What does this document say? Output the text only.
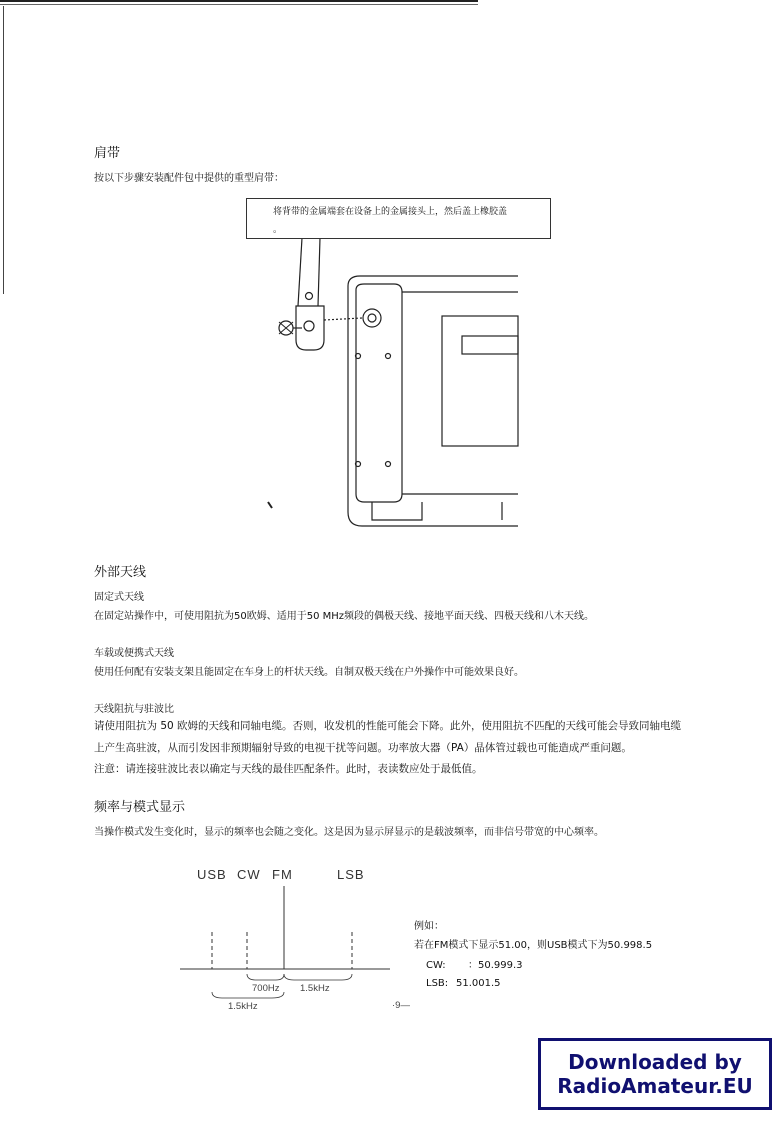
肩带
按以下步骤安装配件包中提供的重型肩带：
将背带的金属端套在设备上的金属接头上，然后盖上橡胶盖
。
外部天线
固定式天线
在固定站操作中，可使用阻抗为50欧姆、适用于50 MHz频段的偶极天线、接地平面天线、四极天线和八木天线。
车载或便携式天线
使用任何配有安装支架且能固定在车身上的杆状天线。自制双极天线在户外操作中可能效果良好。
天线阻抗与驻波比
请使用阻抗为 50 欧姆的天线和同轴电缆。否则，收发机的性能可能会下降。此外，使用阻抗不匹配的天线可能会导致同轴电缆
上产生高驻波，从而引发因非预期辐射导致的电视干扰等问题。功率放大器（PA）晶体管过载也可能造成严重问题。
注意：请连接驻波比表以确定与天线的最佳匹配条件。此时，表读数应处于最低值。
频率与模式显示
当操作模式发生变化时，显示的频率也会随之变化。这是因为显示屏显示的是载波频率，而非信号带宽的中心频率。
USB CW FM	LSB
700Hz 1.5kHz
1.5kHz
例如：
若在FM模式下显示51.00，则USB模式下为50.998.5
CW: ：50.999.3
LSB: 51.001.5
·9—
Downloaded by
RadioAmateur.EU
